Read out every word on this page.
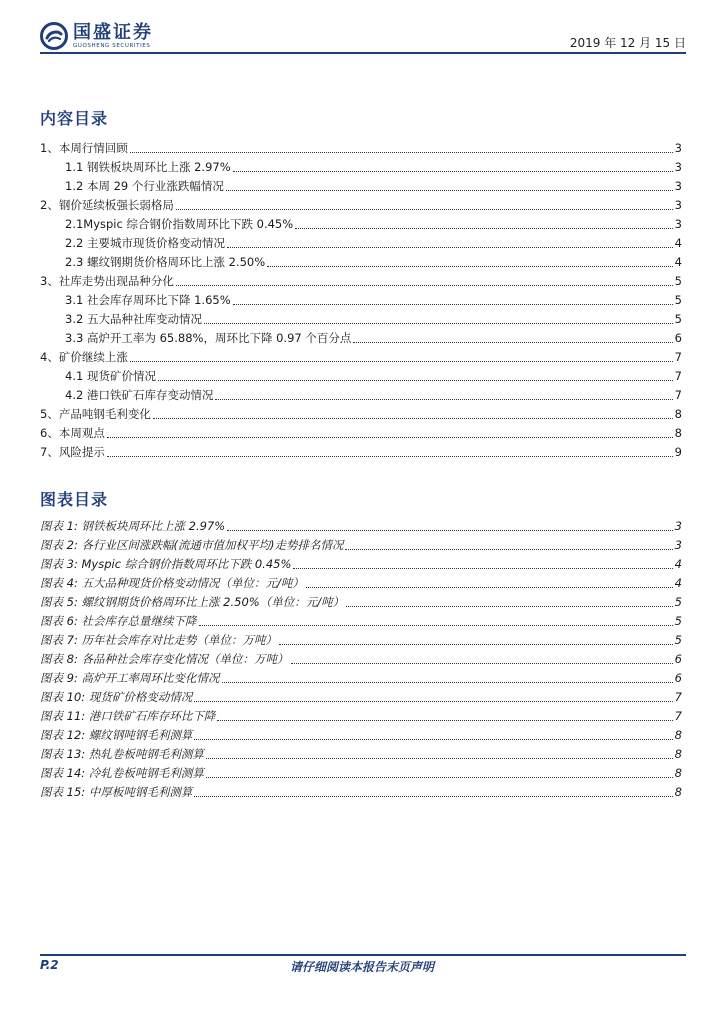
国盛证券
GUOSHENG SECURITIES	2019 年 12 月 15 日
内容目录
1、本周行情回顾	3
1.1 钢铁板块周环比上涨 2.97%	3
1.2 本周 29 个行业涨跌幅情况	3
2、钢价延续板强长弱格局	3
2.1Myspic 综合钢价指数周环比下跌 0.45%	3
2.2 主要城市现货价格变动情况	4
2.3 螺纹钢期货价格周环比上涨 2.50%	4
3、社库走势出现品种分化	5
3.1 社会库存周环比下降 1.65%	5
3.2 五大品种社库变动情况	5
3.3 高炉开工率为 65.88%，周环比下降 0.97 个百分点	6
4、矿价继续上涨	7
4.1 现货矿价情况	7
4.2 港口铁矿石库存变动情况	7
5、产品吨钢毛利变化	8
6、本周观点	8
7、风险提示	9
图表目录
图表 1: 钢铁板块周环比上涨 2.97%	3
图表 2: 各行业区间涨跌幅(流通市值加权平均)走势排名情况	3
图表 3: Myspic 综合钢价指数周环比下跌 0.45%	4
图表 4: 五大品种现货价格变动情况（单位：元/吨）	4
图表 5: 螺纹钢期货价格周环比上涨 2.50%（单位：元/吨）	5
图表 6: 社会库存总量继续下降	5
图表 7: 历年社会库存对比走势（单位：万吨）	5
图表 8: 各品种社会库存变化情况（单位：万吨）	6
图表 9: 高炉开工率周环比变化情况	6
图表 10: 现货矿价格变动情况	7
图表 11: 港口铁矿石库存环比下降	7
图表 12: 螺纹钢吨钢毛利测算	8
图表 13: 热轧卷板吨钢毛利测算	8
图表 14: 冷轧卷板吨钢毛利测算	8
图表 15: 中厚板吨钢毛利测算	8
P.2	请仔细阅读本报告末页声明
